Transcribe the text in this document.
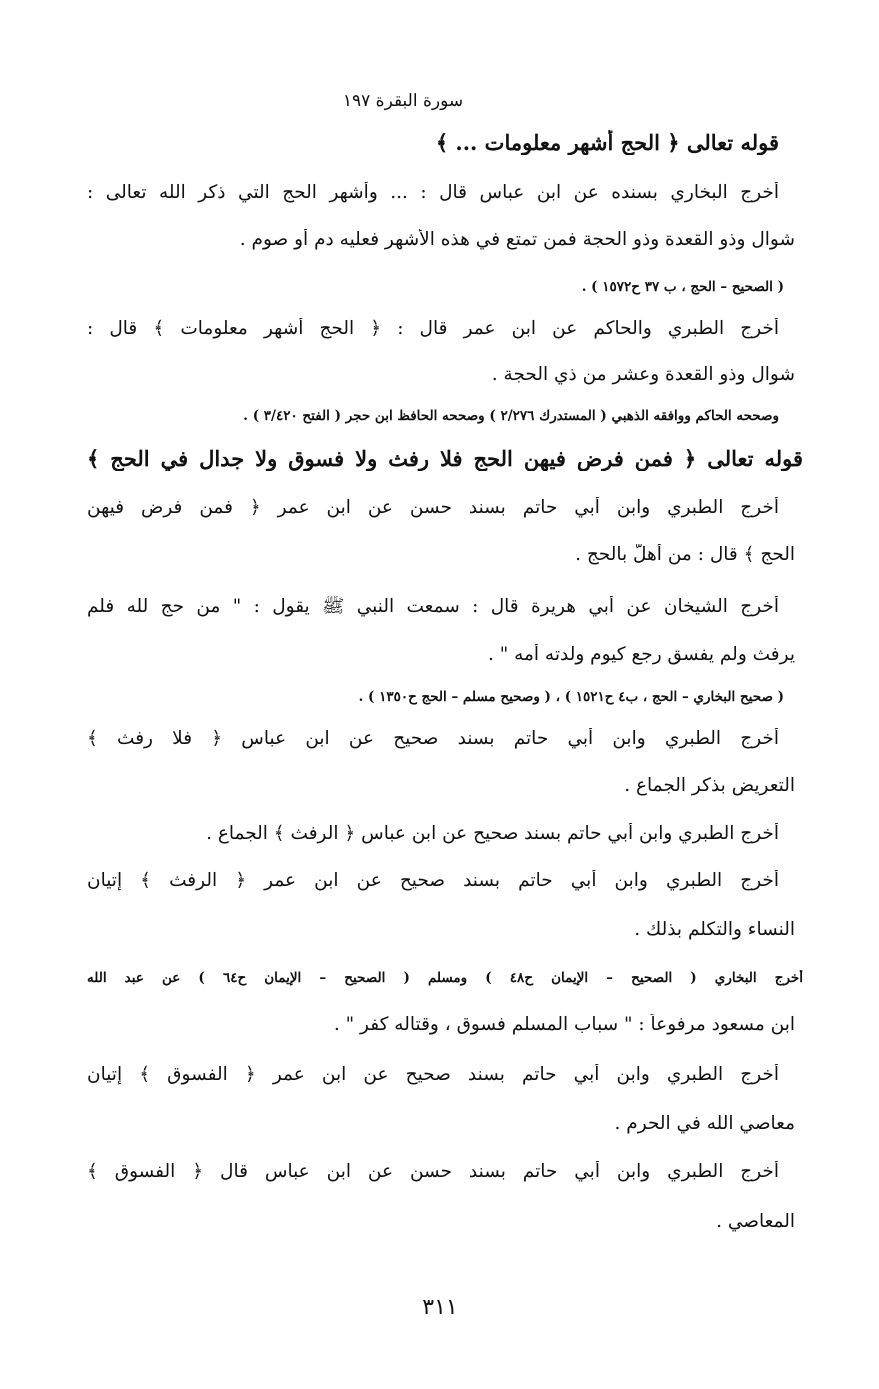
سورة البقرة ١٩٧
قوله تعالى ﴿ الحج أشهر معلومات ... ﴾
أخرج البخاري بسنده عن ابن عباس قال : ... وأشهر الحج التي ذكر الله تعالى :
شوال وذو القعدة وذو الحجة فمن تمتع في هذه الأشهر فعليه دم أو صوم .
( الصحيح – الحج ، ب ٣٧ ح١٥٧٢ ) .
أخرج الطبري والحاكم عن ابن عمر قال : ﴿ الحج أشهر معلومات ﴾ قال :
شوال وذو القعدة وعشر من ذي الحجة .
وصححه الحاكم ووافقه الذهبي ( المستدرك ٢/٢٧٦ ) وصححه الحافظ ابن حجر ( الفتح ٣/٤٢٠ ) .
قوله تعالى ﴿ فمن فرض فيهن الحج فلا رفث ولا فسوق ولا جدال في الحج ﴾
أخرج الطبري وابن أبي حاتم بسند حسن عن ابن عمر ﴿ فمن فرض فيهن
الحج ﴾ قال : من أهلّ بالحج .
أخرج الشيخان عن أبي هريرة قال : سمعت النبي ﷺ يقول : " من حج لله فلم
يرفث ولم يفسق رجع كيوم ولدته أمه " .
( صحيح البخاري – الحج ، ب٤ ح١٥٢١ ) ، ( وصحيح مسلم – الحج ح١٣٥٠ ) .
أخرج الطبري وابن أبي حاتم بسند صحيح عن ابن عباس ﴿ فلا رفث ﴾
التعريض بذكر الجماع .
أخرج الطبري وابن أبي حاتم بسند صحيح عن ابن عباس ﴿ الرفث ﴾ الجماع .
أخرج الطبري وابن أبي حاتم بسند صحيح عن ابن عمر ﴿ الرفث ﴾ إتيان
النساء والتكلم بذلك .
أخرج البخاري ( الصحيح – الإيمان ح٤٨ ) ومسلم ( الصحيح – الإيمان ح٦٤ ) عن عبد الله
ابن مسعود مرفوعاً : " سباب المسلم فسوق ، وقتاله كفر " .
أخرج الطبري وابن أبي حاتم بسند صحيح عن ابن عمر ﴿ الفسوق ﴾ إتيان
معاصي الله في الحرم .
أخرج الطبري وابن أبي حاتم بسند حسن عن ابن عباس قال ﴿ الفسوق ﴾
المعاصي .
٣١١
